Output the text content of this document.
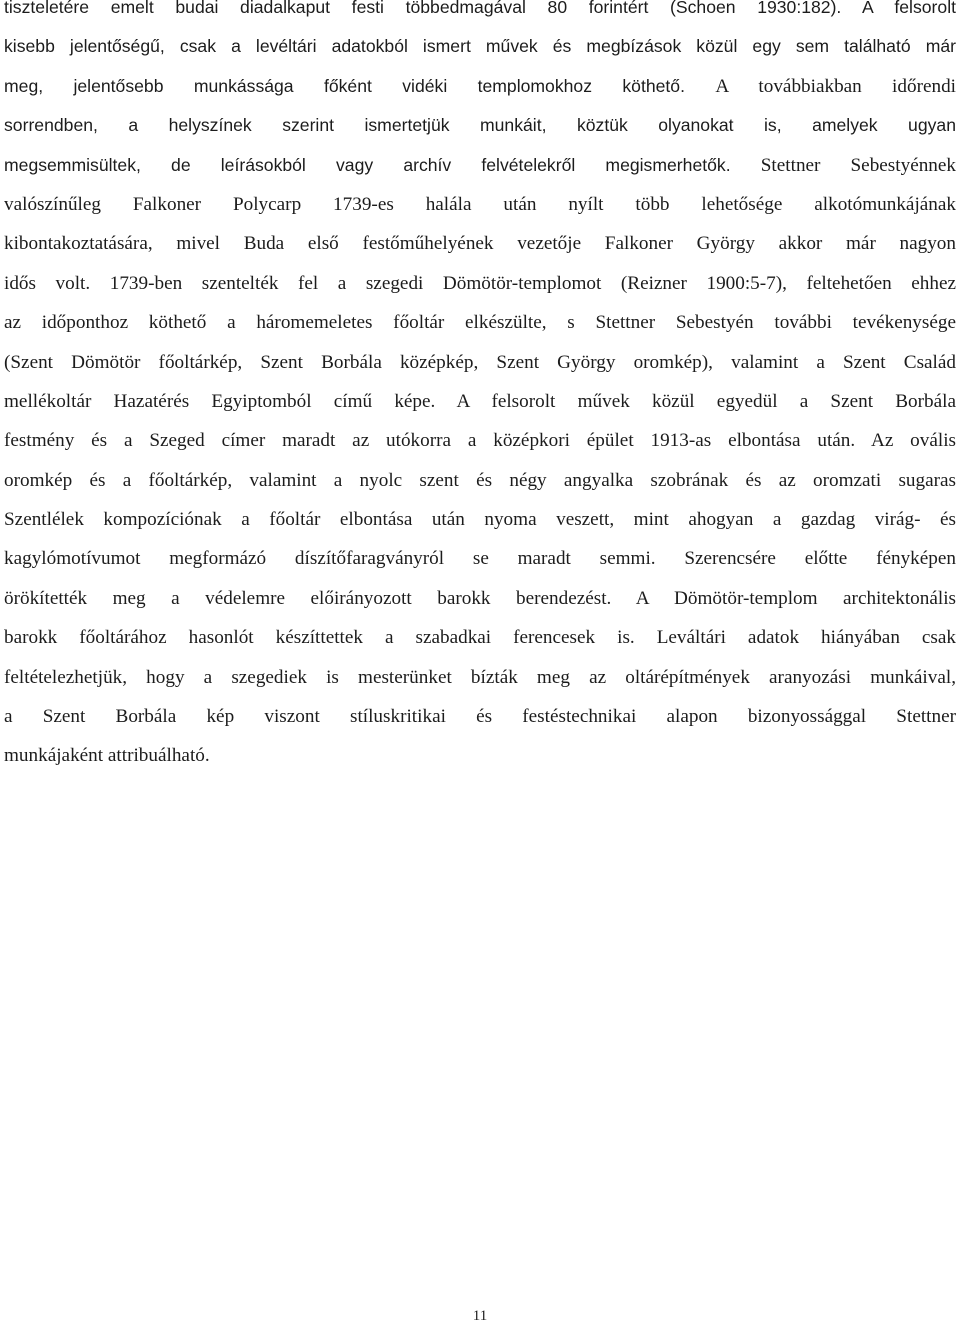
tiszteletére emelt budai diadalkaput festi többedmagával 80 forintért (Schoen 1930:182). A felsorolt
kisebb jelentőségű, csak a levéltári adatokból ismert művek és megbízások közül egy sem található már
meg, jelentősebb munkássága főként vidéki templomokhoz köthető. A továbbiakban időrendi
sorrendben, a helyszínek szerint ismertetjük munkáit, köztük olyanokat is, amelyek ugyan
megsemmisültek, de leírásokból vagy archív felvételekről megismerhetők. Stettner Sebestyénnek
valószínűleg Falkoner Polycarp 1739-es halála után nyílt több lehetősége alkotómunkájának
kibontakoztatására, mivel Buda első festőműhelyének vezetője Falkoner György akkor már nagyon
idős volt. 1739-ben szentelték fel a szegedi Dömötör-templomot (Reizner 1900:5-7), feltehetően ehhez
az időponthoz köthető a háromemeletes főoltár elkészülte, s Stettner Sebestyén további tevékenysége
(Szent Dömötör főoltárkép, Szent Borbála középkép, Szent György oromkép), valamint a Szent Család
mellékoltár Hazatérés Egyiptomból című képe. A felsorolt művek közül egyedül a Szent Borbála
festmény és a Szeged címer maradt az utókorra a középkori épület 1913-as elbontása után. Az ovális
oromkép és a főoltárkép, valamint a nyolc szent és négy angyalka szobrának és az oromzati sugaras
Szentlélek kompozíciónak a főoltár elbontása után nyoma veszett, mint ahogyan a gazdag virág- és
kagylómotívumot megformázó díszítőfaragványról se maradt semmi. Szerencsére előtte fényképen
örökítették meg a védelemre előirányozott barokk berendezést. A Dömötör-templom architektonális
barokk főoltárához hasonlót készíttettek a szabadkai ferencesek is. Leváltári adatok hiányában csak
feltételezhetjük, hogy a szegediek is mesterünket bízták meg az oltárépítmények aranyozási munkáival,
a Szent Borbála kép viszont stíluskritikai és festéstechnikai alapon bizonyossággal Stettner
munkájaként attribuálható.
11
